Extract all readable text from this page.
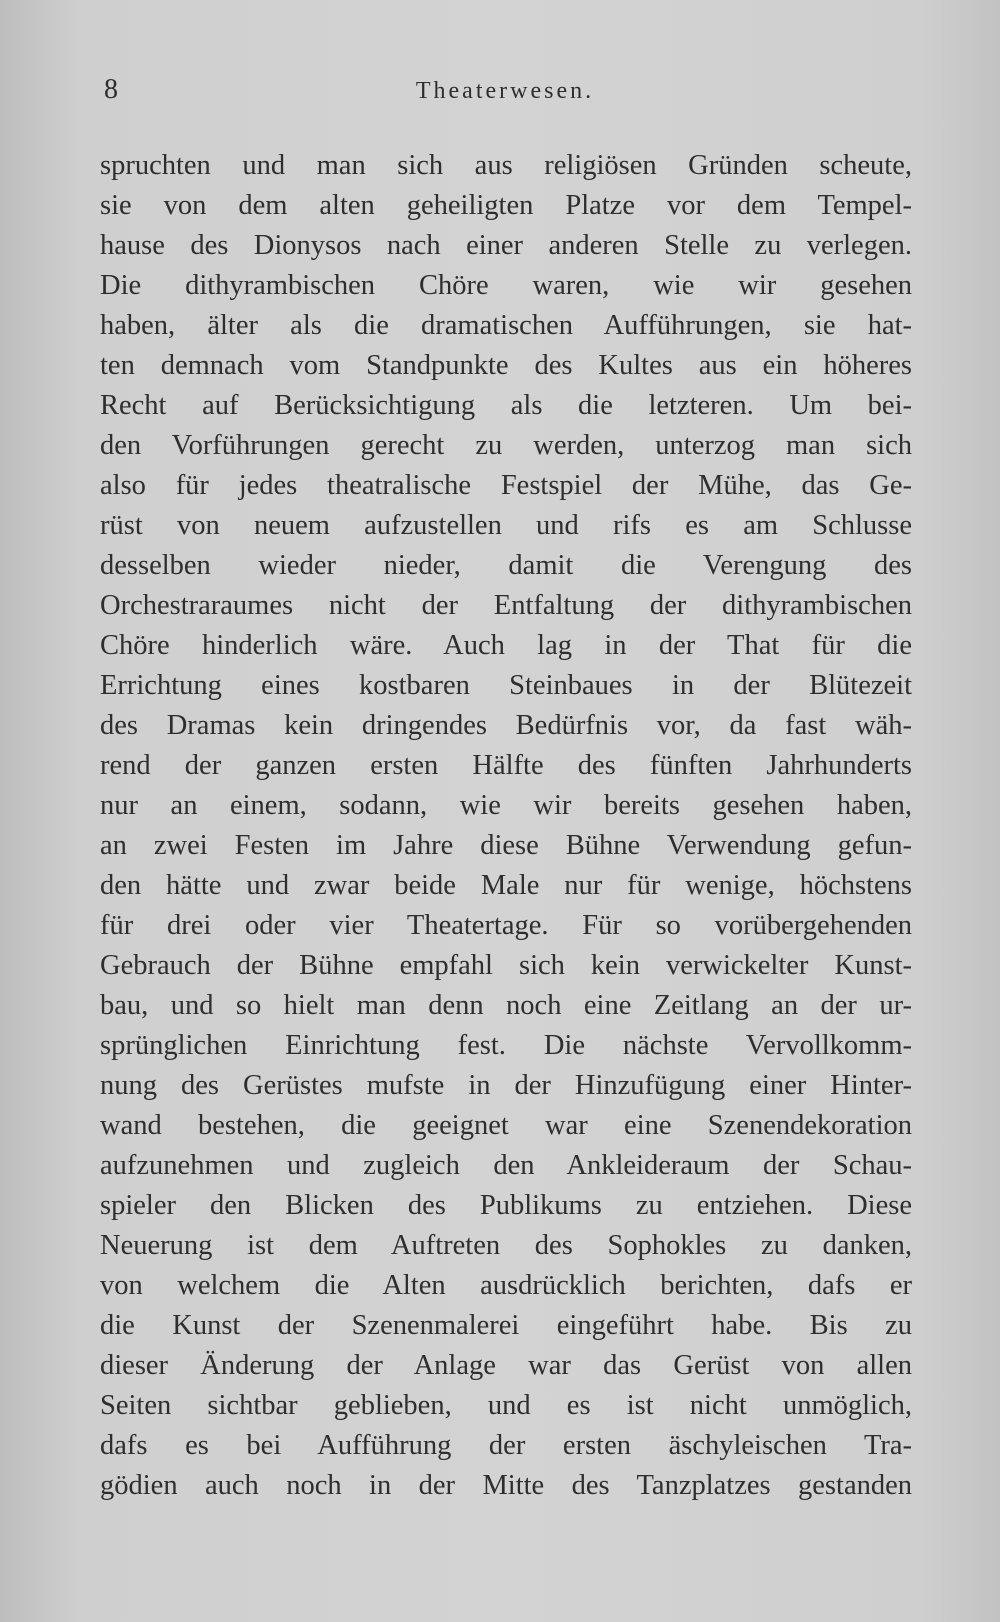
8	Theaterwesen.
spruchten und man sich aus religiösen Gründen scheute,
sie von dem alten geheiligten Platze vor dem Tempel-
hause des Dionysos nach einer anderen Stelle zu verlegen.
Die dithyrambischen Chöre waren, wie wir gesehen
haben, älter als die dramatischen Aufführungen, sie hat-
ten demnach vom Standpunkte des Kultes aus ein höheres
Recht auf Berücksichtigung als die letzteren. Um bei-
den Vorführungen gerecht zu werden, unterzog man sich
also für jedes theatralische Festspiel der Mühe, das Ge-
rüst von neuem aufzustellen und rifs es am Schlusse
desselben wieder nieder, damit die Verengung des
Orchestraraumes nicht der Entfaltung der dithyrambischen
Chöre hinderlich wäre. Auch lag in der That für die
Errichtung eines kostbaren Steinbaues in der Blütezeit
des Dramas kein dringendes Bedürfnis vor, da fast wäh-
rend der ganzen ersten Hälfte des fünften Jahrhunderts
nur an einem, sodann, wie wir bereits gesehen haben,
an zwei Festen im Jahre diese Bühne Verwendung gefun-
den hätte und zwar beide Male nur für wenige, höchstens
für drei oder vier Theatertage. Für so vorübergehenden
Gebrauch der Bühne empfahl sich kein verwickelter Kunst-
bau, und so hielt man denn noch eine Zeitlang an der ur-
sprünglichen Einrichtung fest. Die nächste Vervollkomm-
nung des Gerüstes mufste in der Hinzufügung einer Hinter-
wand bestehen, die geeignet war eine Szenendekoration
aufzunehmen und zugleich den Ankleideraum der Schau-
spieler den Blicken des Publikums zu entziehen. Diese
Neuerung ist dem Auftreten des Sophokles zu danken,
von welchem die Alten ausdrücklich berichten, dafs er
die Kunst der Szenenmalerei eingeführt habe. Bis zu
dieser Änderung der Anlage war das Gerüst von allen
Seiten sichtbar geblieben, und es ist nicht unmöglich,
dafs es bei Aufführung der ersten äschyleischen Tra-
gödien auch noch in der Mitte des Tanzplatzes gestanden
